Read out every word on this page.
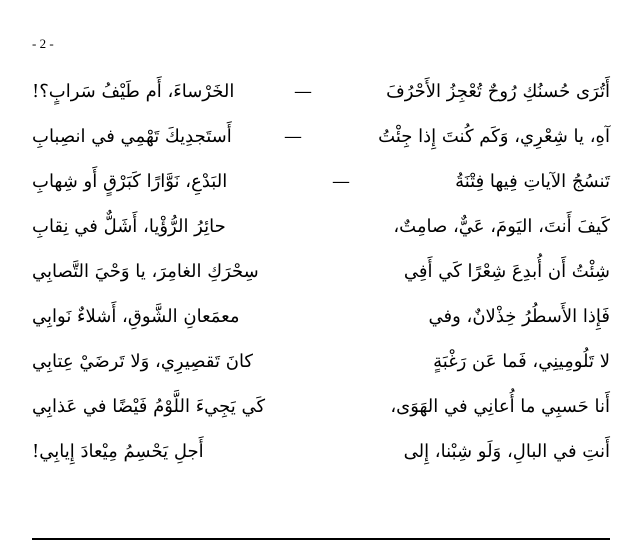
- 2 -
أَتُرَى حُسنُكِ رُوحٌ تُعْجِزُ الأَحْرُفَ
—
الخَرْساءَ، أَم طَيْفُ سَرابٍ؟!
آهِ، يا شِعْرِي، وَكَم كُنتَ إِذا جِئْتُ
—
أَستَجدِيكَ تَهْمِي في انصِبابِ
تَنسُجُ الآياتِ فِيها فِتْنَةُ
—
البَدْعِ، نَوَّارًا كَبَرْقٍ أَو شِهابِ
كَيفَ أَنتَ، اليَومَ، عَيٌّ، صامِتٌ،
حائِرُ الرُّؤْيا، أَشَلٌّ في نِقابِ
شِئْتُ أَن أُبدِعَ شِعْرًا كَي أَفِي
سِحْرَكِ الغامِرَ، يا وَحْيَ التَّصابِي
فَإِذا الأَسطُرُ خِذْلانٌ، وفي
معمَعانِ الشَّوقِ، أَشلاءٌ نَوابِي
لا تَلُومِينِي، فَما عَن رَغْبَةٍ
كانَ تَقصِيرِي، وَلا تَرضَيْ عِتابِي
أَنا حَسبِي ما أُعانِي في الهَوَى،
كَي يَجِيءَ اللَّوْمُ فَيْضًا في عَذابِي
أَنتِ في البالِ، وَلَو شِبْنا، إِلى
أَجلِ يَحْسِمُ مِيْعادَ إِيابِي!
